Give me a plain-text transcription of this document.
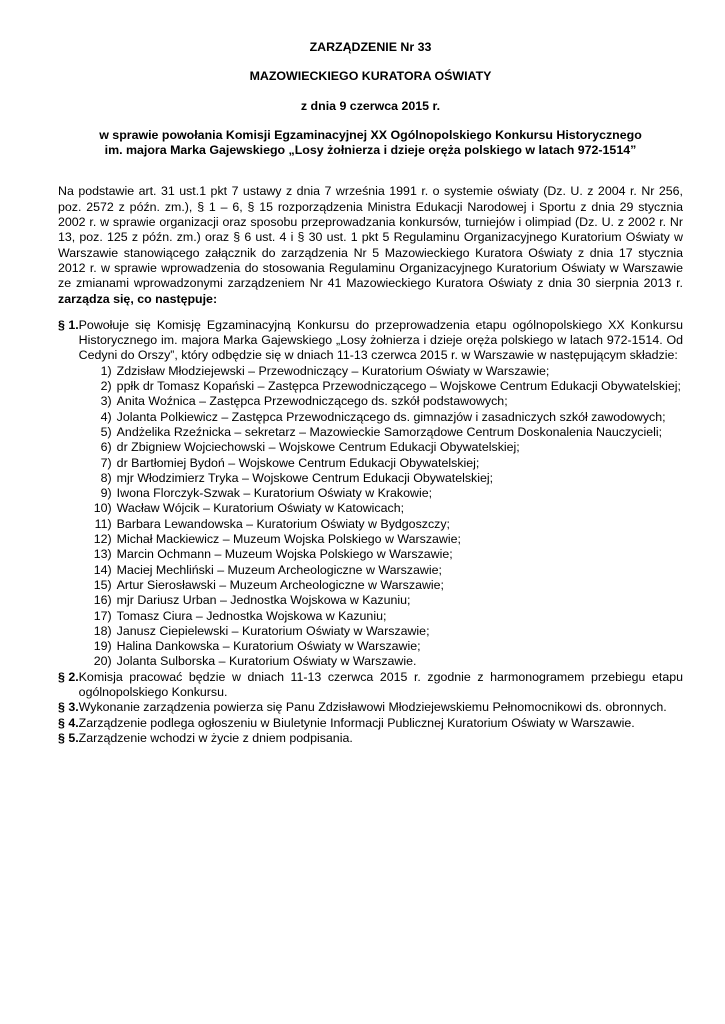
ZARZĄDZENIE Nr 33
MAZOWIECKIEGO KURATORA OŚWIATY
z dnia 9 czerwca 2015 r.
w sprawie powołania Komisji Egzaminacyjnej XX Ogólnopolskiego Konkursu Historycznego
im. majora Marka Gajewskiego „Losy żołnierza i dzieje oręża polskiego w latach 972-1514”
Na podstawie art. 31 ust.1 pkt 7 ustawy z dnia 7 września 1991 r. o systemie oświaty (Dz. U. z 2004 r. Nr 256, poz. 2572 z późn. zm.), § 1 – 6, § 15 rozporządzenia Ministra Edukacji Narodowej i Sportu z dnia 29 stycznia 2002 r. w sprawie organizacji oraz sposobu przeprowadzania konkursów, turniejów i olimpiad (Dz. U. z 2002 r. Nr 13, poz. 125 z późn. zm.) oraz § 6 ust. 4 i § 30 ust. 1 pkt 5 Regulaminu Organizacyjnego Kuratorium Oświaty w Warszawie stanowiącego załącznik do zarządzenia Nr 5 Mazowieckiego Kuratora Oświaty z dnia 17 stycznia 2012 r. w sprawie wprowadzenia do stosowania Regulaminu Organizacyjnego Kuratorium Oświaty w Warszawie ze zmianami wprowadzonymi zarządzeniem Nr 41 Mazowieckiego Kuratora Oświaty z dnia 30 sierpnia 2013 r. zarządza się, co następuje:
§ 1. Powołuje się Komisję Egzaminacyjną Konkursu do przeprowadzenia etapu ogólnopolskiego XX Konkursu Historycznego im. majora Marka Gajewskiego „Losy żołnierza i dzieje oręża polskiego w latach 972-1514. Od Cedyni do Orszy”, który odbędzie się w dniach 11-13 czerwca 2015 r. w Warszawie w następującym składzie:
1) Zdzisław Młodziejewski – Przewodniczący – Kuratorium Oświaty w Warszawie;
2) ppłk dr Tomasz Kopański – Zastępca Przewodniczącego – Wojskowe Centrum Edukacji Obywatelskiej;
3) Anita Woźnica – Zastępca Przewodniczącego ds. szkół podstawowych;
4) Jolanta Polkiewicz – Zastępca Przewodniczącego ds. gimnazjów i zasadniczych szkół zawodowych;
5) Andżelika Rzeźnicka – sekretarz – Mazowieckie Samorządowe Centrum Doskonalenia Nauczycieli;
6) dr Zbigniew Wojciechowski – Wojskowe Centrum Edukacji Obywatelskiej;
7) dr Bartłomiej Bydoń – Wojskowe Centrum Edukacji Obywatelskiej;
8) mjr Włodzimierz Tryka – Wojskowe Centrum Edukacji Obywatelskiej;
9) Iwona Florczyk-Szwak – Kuratorium Oświaty w Krakowie;
10) Wacław Wójcik – Kuratorium Oświaty w Katowicach;
11) Barbara Lewandowska – Kuratorium Oświaty w Bydgoszczy;
12) Michał Mackiewicz – Muzeum Wojska Polskiego w Warszawie;
13) Marcin Ochmann – Muzeum Wojska Polskiego w Warszawie;
14) Maciej Mechliński – Muzeum Archeologiczne w Warszawie;
15) Artur Sierosławski – Muzeum Archeologiczne w Warszawie;
16) mjr Dariusz Urban – Jednostka Wojskowa w Kazuniu;
17) Tomasz Ciura – Jednostka Wojskowa w Kazuniu;
18) Janusz Ciepielewski – Kuratorium Oświaty w Warszawie;
19) Halina Dankowska – Kuratorium Oświaty w Warszawie;
20) Jolanta Sulborska – Kuratorium Oświaty w Warszawie.
§ 2. Komisja pracować będzie w dniach 11-13 czerwca 2015 r. zgodnie z harmonogramem przebiegu etapu ogólnopolskiego Konkursu.
§ 3. Wykonanie zarządzenia powierza się Panu Zdzisławowi Młodziejewskiemu Pełnomocnikowi ds. obronnych.
§ 4. Zarządzenie podlega ogłoszeniu w Biuletynie Informacji Publicznej Kuratorium Oświaty w Warszawie.
§ 5. Zarządzenie wchodzi w życie z dniem podpisania.
